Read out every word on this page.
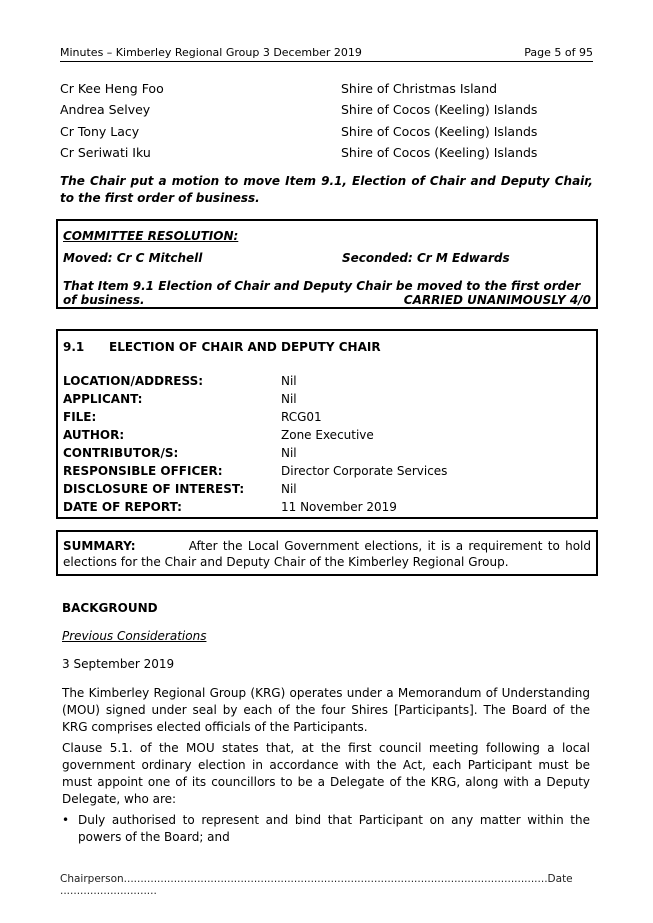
Minutes – Kimberley Regional Group 3 December 2019	Page 5 of 95
Cr Kee Heng Foo	Shire of Christmas Island
Andrea Selvey	Shire of Cocos (Keeling) Islands
Cr Tony Lacy	Shire of Cocos (Keeling) Islands
Cr Seriwati Iku	Shire of Cocos (Keeling) Islands
The Chair put a motion to move Item 9.1, Election of Chair and Deputy Chair, to the first order of business.
COMMITTEE RESOLUTION:
Moved: Cr C Mitchell	Seconded: Cr M Edwards
That Item 9.1 Election of Chair and Deputy Chair be moved to the first order of business.	CARRIED UNANIMOUSLY 4/0
9.1 ELECTION OF CHAIR AND DEPUTY CHAIR
LOCATION/ADDRESS:	Nil
APPLICANT:	Nil
FILE:	RCG01
AUTHOR:	Zone Executive
CONTRIBUTOR/S:	Nil
RESPONSIBLE OFFICER:	Director Corporate Services
DISCLOSURE OF INTEREST:	Nil
DATE OF REPORT:	11 November 2019

SUMMARY:	After the Local Government elections, it is a requirement to hold elections for the Chair and Deputy Chair of the Kimberley Regional Group.

BACKGROUND
Previous Considerations
3 September 2019

The Kimberley Regional Group (KRG) operates under a Memorandum of Understanding (MOU) signed under seal by each of the four Shires [Participants]. The Board of the KRG comprises elected officials of the Participants.

Clause 5.1. of the MOU states that, at the first council meeting following a local government ordinary election in accordance with the Act, each Participant must be must appoint one of its councillors to be a Delegate of the KRG, along with a Deputy Delegate, who are:

• Duly authorised to represent and bind that Participant on any matter within the powers of the Board; and
Chairperson...............................................................................................................................Date.............................
